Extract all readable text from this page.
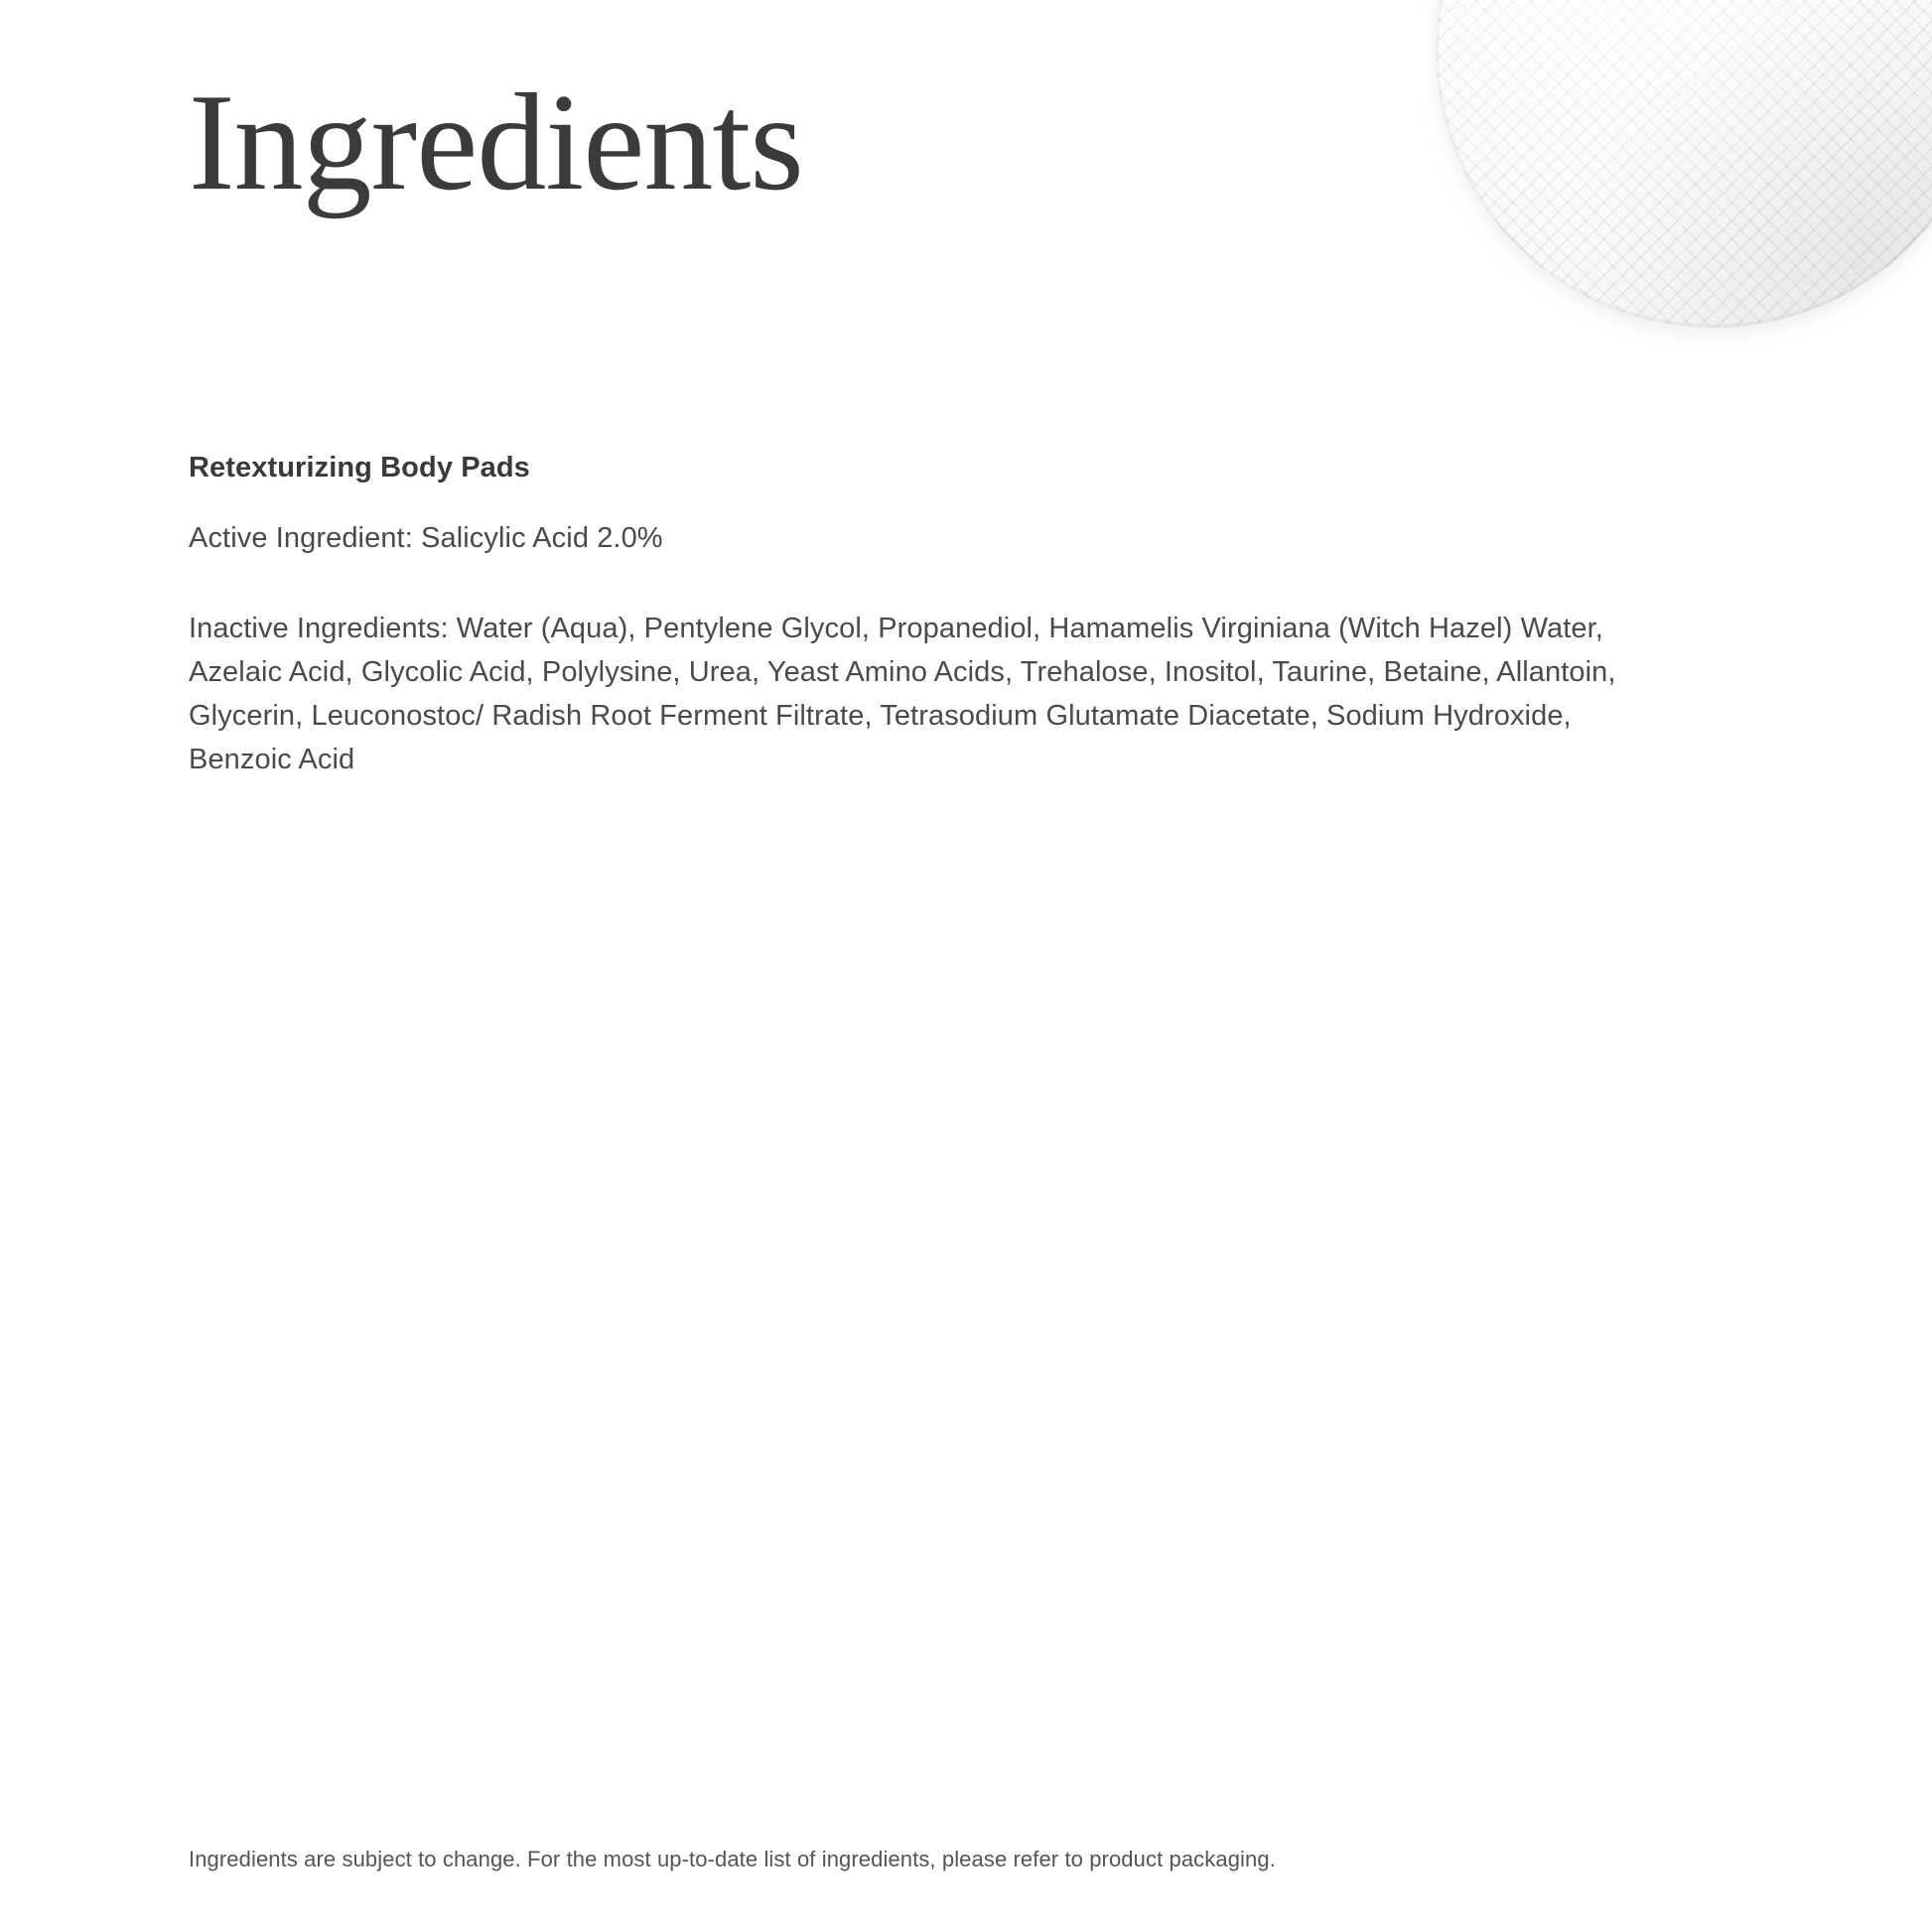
Ingredients
Retexturizing Body Pads
Active Ingredient: Salicylic Acid 2.0%
Inactive Ingredients: Water (Aqua), Pentylene Glycol, Propanediol, Hamamelis Virginiana (Witch Hazel) Water, Azelaic Acid, Glycolic Acid, Polylysine, Urea, Yeast Amino Acids, Trehalose, Inositol, Taurine, Betaine, Allantoin, Glycerin, Leuconostoc/ Radish Root Ferment Filtrate, Tetrasodium Glutamate Diacetate, Sodium Hydroxide, Benzoic Acid
Ingredients are subject to change. For the most up-to-date list of ingredients, please refer to product packaging.
